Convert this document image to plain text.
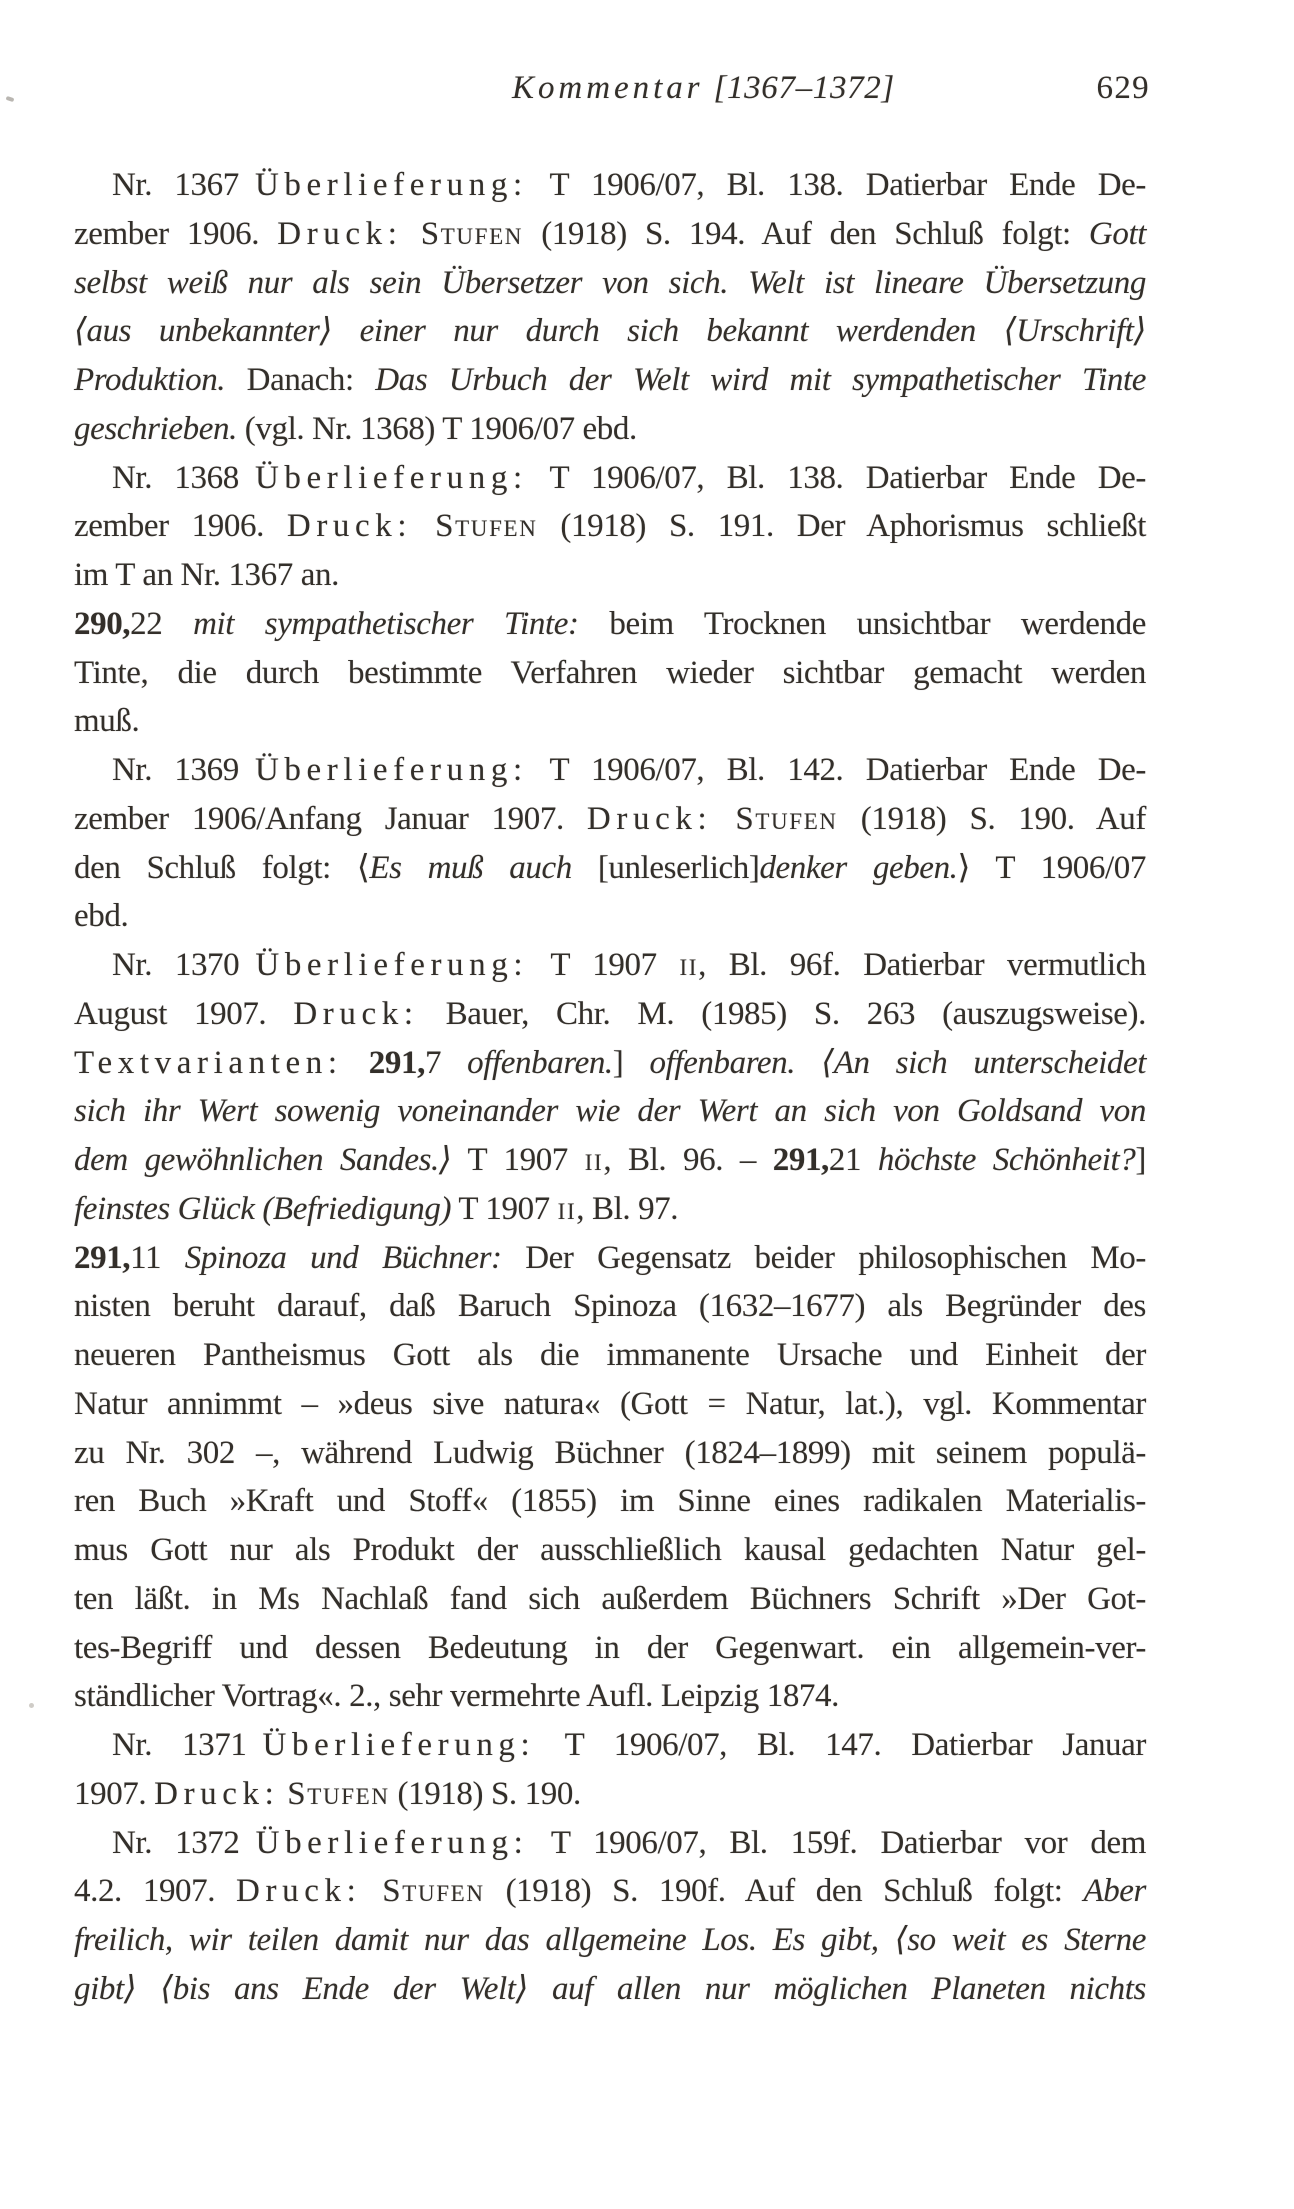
Kommentar [1367–1372]	629
Nr. 1367 Überlieferung: T 1906/07, Bl. 138. Datierbar Ende De-
zember 1906. Druck: Stufen (1918) S. 194. Auf den Schluß folgt: Gott
selbst weiß nur als sein Übersetzer von sich. Welt ist lineare Übersetzung
⟨aus unbekannter⟩ einer nur durch sich bekannt werdenden ⟨Urschrift⟩
Produktion. Danach: Das Urbuch der Welt wird mit sympathetischer Tinte
geschrieben. (vgl. Nr. 1368) T 1906/07 ebd.
Nr. 1368 Überlieferung: T 1906/07, Bl. 138. Datierbar Ende De-
zember 1906. Druck: Stufen (1918) S. 191. Der Aphorismus schließt
im T an Nr. 1367 an.
290,22 mit sympathetischer Tinte: beim Trocknen unsichtbar werdende
Tinte, die durch bestimmte Verfahren wieder sichtbar gemacht werden
muß.
Nr. 1369 Überlieferung: T 1906/07, Bl. 142. Datierbar Ende De-
zember 1906/Anfang Januar 1907. Druck: Stufen (1918) S. 190. Auf
den Schluß folgt: ⟨Es muß auch [unleserlich]denker geben.⟩ T 1906/07
ebd.
Nr. 1370 Überlieferung: T 1907 ii, Bl. 96f. Datierbar vermutlich
August 1907. Druck: Bauer, Chr. M. (1985) S. 263 (auszugsweise).
Textvarianten: 291,7 offenbaren.] offenbaren. ⟨An sich unterscheidet
sich ihr Wert sowenig voneinander wie der Wert an sich von Goldsand von
dem gewöhnlichen Sandes.⟩ T 1907 ii, Bl. 96. – 291,21 höchste Schönheit?]
feinstes Glück (Befriedigung) T 1907 ii, Bl. 97.
291,11 Spinoza und Büchner: Der Gegensatz beider philosophischen Mo-
nisten beruht darauf, daß Baruch Spinoza (1632–1677) als Begründer des
neueren Pantheismus Gott als die immanente Ursache und Einheit der
Natur annimmt – »deus sive natura« (Gott = Natur, lat.), vgl. Kommentar
zu Nr. 302 –, während Ludwig Büchner (1824–1899) mit seinem populä-
ren Buch »Kraft und Stoff« (1855) im Sinne eines radikalen Materialis-
mus Gott nur als Produkt der ausschließlich kausal gedachten Natur gel-
ten läßt. in Ms Nachlaß fand sich außerdem Büchners Schrift »Der Got-
tes-Begriff und dessen Bedeutung in der Gegenwart. ein allgemein-ver-
ständlicher Vortrag«. 2., sehr vermehrte Aufl. Leipzig 1874.
Nr. 1371 Überlieferung: T 1906/07, Bl. 147. Datierbar Januar
1907. Druck: Stufen (1918) S. 190.
Nr. 1372 Überlieferung: T 1906/07, Bl. 159f. Datierbar vor dem
4.2. 1907. Druck: Stufen (1918) S. 190f. Auf den Schluß folgt: Aber
freilich, wir teilen damit nur das allgemeine Los. Es gibt, ⟨so weit es Sterne
gibt⟩ ⟨bis ans Ende der Welt⟩ auf allen nur möglichen Planeten nichts
